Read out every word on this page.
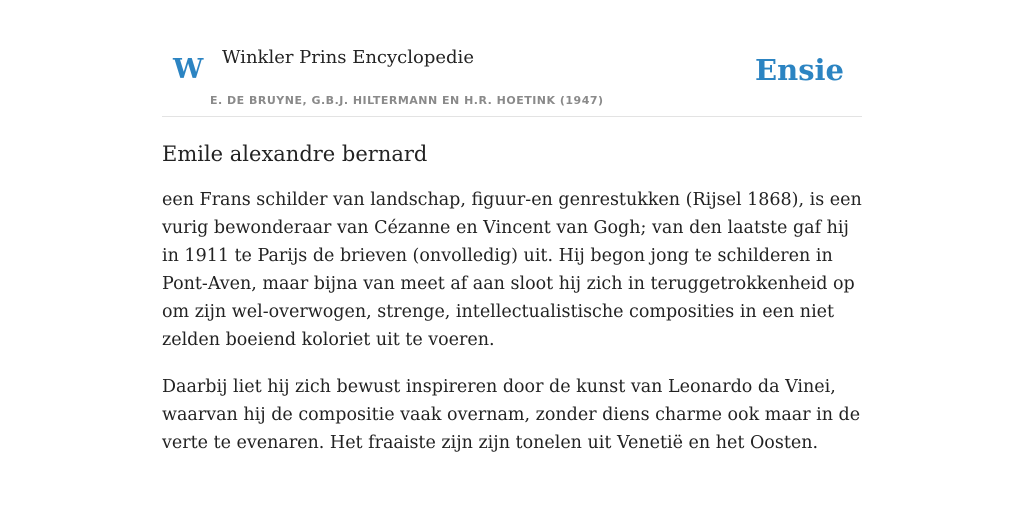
W Winkler Prins Encyclopedie
E. DE BRUYNE, G.B.J. HILTERMANN EN H.R. HOETINK (1947)
Ensie
Emile alexandre bernard

een Frans schilder van landschap, figuur-en genrestukken (Rijsel 1868), is een vurig bewonderaar van Cézanne en Vincent van Gogh; van den laatste gaf hij in 1911 te Parijs de brieven (onvolledig) uit. Hij begon jong te schilderen in Pont-Aven, maar bijna van meet af aan sloot hij zich in teruggetrokkenheid op om zijn wel-overwogen, strenge, intellectualistische composities in een niet zelden boeiend koloriet uit te voeren.

Daarbij liet hij zich bewust inspireren door de kunst van Leonardo da Vinei, waarvan hij de compositie vaak overnam, zonder diens charme ook maar in de verte te evenaren. Het fraaiste zijn zijn tonelen uit Venetië en het Oosten.
